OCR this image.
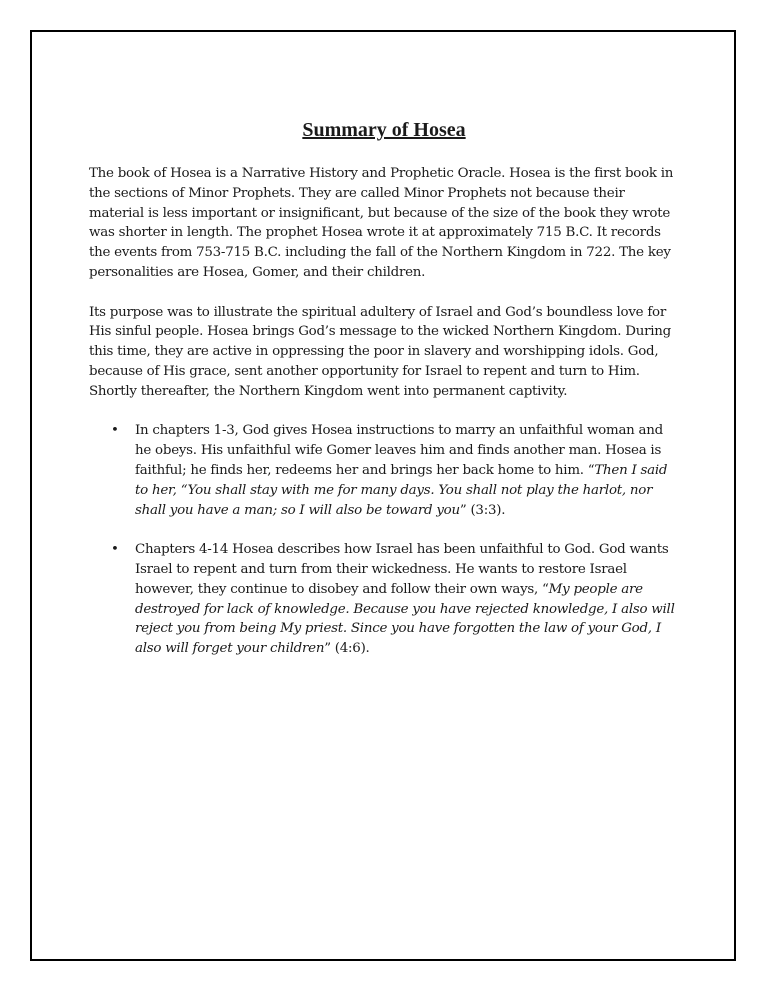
Summary of Hosea

The book of Hosea is a Narrative History and Prophetic Oracle. Hosea is the first book in the sections of Minor Prophets. They are called Minor Prophets not because their material is less important or insignificant, but because of the size of the book they wrote was shorter in length. The prophet Hosea wrote it at approximately 715 B.C. It records the events from 753-715 B.C. including the fall of the Northern Kingdom in 722. The key personalities are Hosea, Gomer, and their children.

Its purpose was to illustrate the spiritual adultery of Israel and God’s boundless love for His sinful people. Hosea brings God’s message to the wicked Northern Kingdom. During this time, they are active in oppressing the poor in slavery and worshipping idols. God, because of His grace, sent another opportunity for Israel to repent and turn to Him. Shortly thereafter, the Northern Kingdom went into permanent captivity.

• In chapters 1-3, God gives Hosea instructions to marry an unfaithful woman and he obeys. His unfaithful wife Gomer leaves him and finds another man. Hosea is faithful; he finds her, redeems her and brings her back home to him. “Then I said to her, “You shall stay with me for many days. You shall not play the harlot, nor shall you have a man; so I will also be toward you” (3:3).
• Chapters 4-14 Hosea describes how Israel has been unfaithful to God. God wants Israel to repent and turn from their wickedness. He wants to restore Israel however, they continue to disobey and follow their own ways, “My people are destroyed for lack of knowledge. Because you have rejected knowledge, I also will reject you from being My priest. Since you have forgotten the law of your God, I also will forget your children” (4:6).
